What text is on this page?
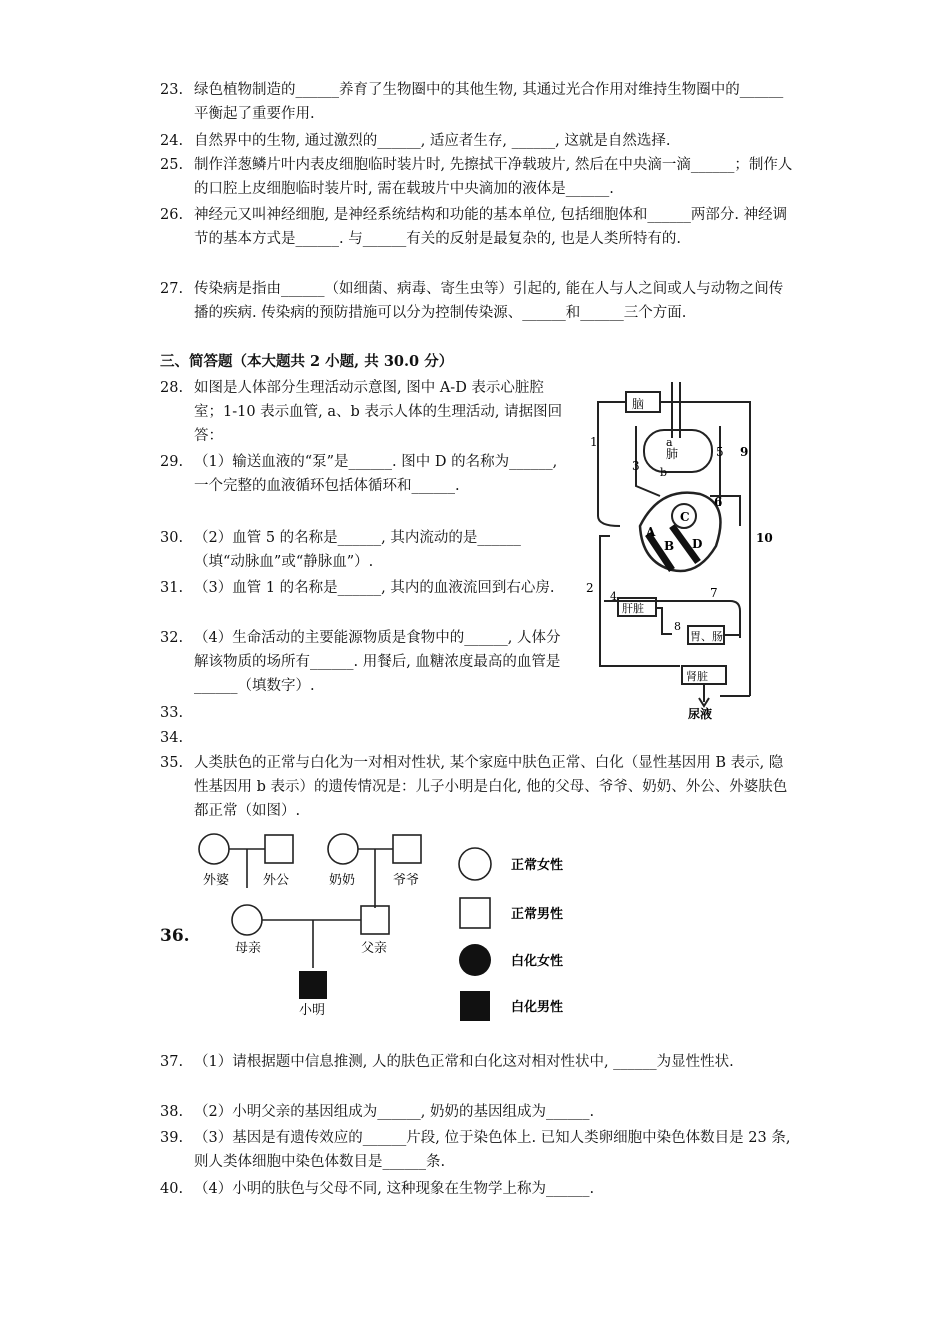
23. 绿色植物制造的______养育了生物圈中的其他生物, 其通过光合作用对维持生物圈中的______平衡起了重要作用.
24. 自然界中的生物, 通过激烈的______, 适应者生存, ______, 这就是自然选择.
25. 制作洋葱鳞片叶内表皮细胞临时装片时, 先擦拭干净载玻片, 然后在中央滴一滴______；制作人的口腔上皮细胞临时装片时, 需在载玻片中央滴加的液体是______.
26. 神经元又叫神经细胞, 是神经系统结构和功能的基本单位, 包括细胞体和______两部分. 神经调节的基本方式是______. 与______有关的反射是最复杂的, 也是人类所特有的.
27. 传染病是指由______（如细菌、病毒、寄生虫等）引起的, 能在人与人之间或人与动物之间传播的疾病. 传染病的预防措施可以分为控制传染源、______和______三个方面.
三、简答题（本大题共 2 小题, 共 30.0 分）
28. 如图是人体部分生理活动示意图, 图中 A-D 表示心脏腔室；1-10 表示血管, a、b 表示人体的生理活动, 请据图回答：
29. （1）输送血液的“泵”是______. 图中 D 的名称为______, 一个完整的血液循环包括体循环和______.
30. （2）血管 5 的名称是______, 其内流动的是______（填“动脉血”或“静脉血”）.
31. （3）血管 1 的名称是______, 其内的血液流回到右心房.
32. （4）生命活动的主要能源物质是食物中的______, 人体分解该物质的场所有______. 用餐后, 血糖浓度最高的血管是______（填数字）.
33.
34.
35. 人类肤色的正常与白化为一对相对性状, 某个家庭中肤色正常、白化（显性基因用 B 表示, 隐性基因用 b 表示）的遗传情况是：儿子小明是白化, 他的父母、爷爷、奶奶、外公、外婆肤色都正常（如图）.
36.
37. （1）请根据题中信息推测, 人的肤色正常和白化这对相对性状中, ______为显性性状.
38. （2）小明父亲的基因组成为______, 奶奶的基因组成为______.
39. （3）基因是有遗传效应的______片段, 位于染色体上. 已知人类卵细胞中染色体数目是 23 条, 则人类体细胞中染色体数目是______条.
40. （4）小明的肤色与父母不同, 这种现象在生物学上称为______.
脑
肺
肝脏
胃、肠
肾脏
尿液
A
B
C
D
a
b
1
2
3
4
5
6
7
8
9
10
外婆	外公	奶奶	爷爷
母亲	父亲
小明
正常女性
正常男性
白化女性
白化男性
